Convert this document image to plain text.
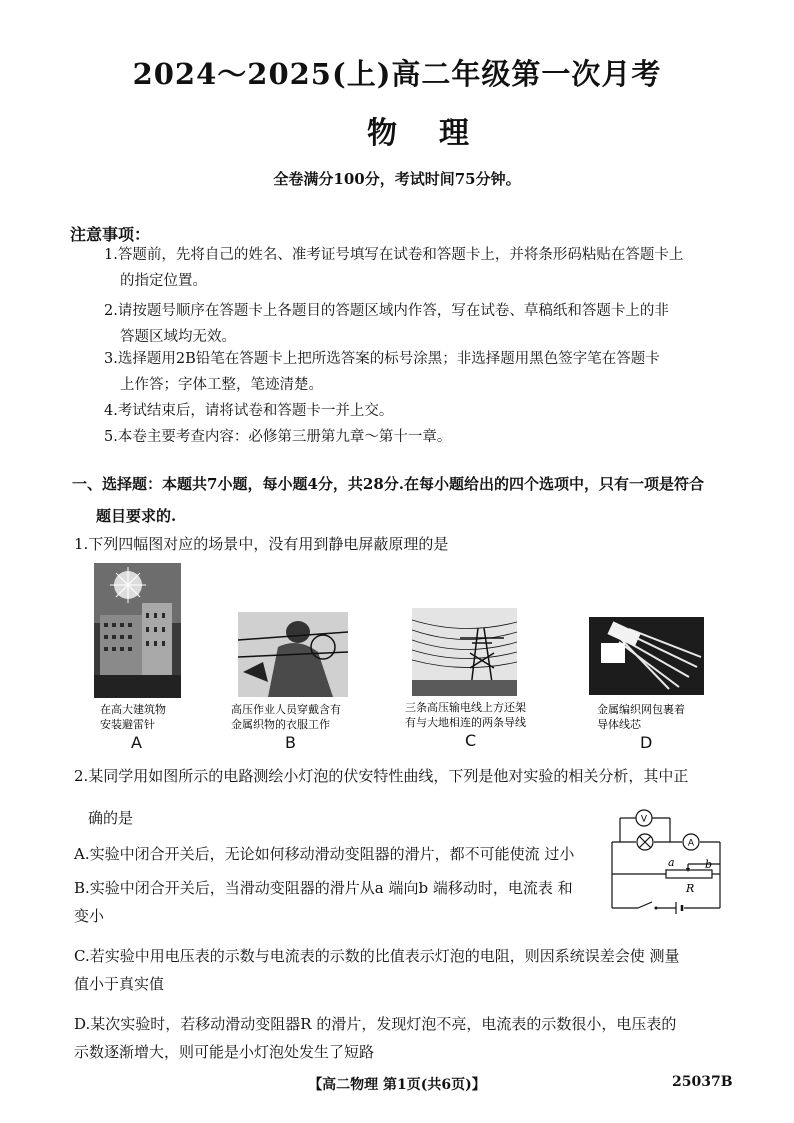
2024～2025(上)高二年级第一次月考
物理
全卷满分100分，考试时间75分钟。
注意事项：
1.答题前，先将自己的姓名、准考证号填写在试卷和答题卡上，并将条形码粘贴在答题卡上
的指定位置。
2.请按题号顺序在答题卡上各题目的答题区域内作答，写在试卷、草稿纸和答题卡上的非
答题区域均无效。
3.选择题用2B铅笔在答题卡上把所选答案的标号涂黑；非选择题用黑色签字笔在答题卡
上作答；字体工整，笔迹清楚。
4.考试结束后，请将试卷和答题卡一并上交。
5.本卷主要考查内容：必修第三册第九章～第十一章。
一、选择题：本题共7小题，每小题4分，共28分.在每小题给出的四个选项中，只有一项是符合
题目要求的.
1.下列四幅图对应的场景中，没有用到静电屏蔽原理的是
在高大建筑物
安装避雷针
A
高压作业人员穿戴含有
金属织物的衣服工作
B
三条高压输电线上方还架
有与大地相连的两条导线
C
金属编织网包裹着
导体线芯
D
2.某同学用如图所示的电路测绘小灯泡的伏安特性曲线，下列是他对实验的相关分析，其中正
确的是
A.实验中闭合开关后，无论如何移动滑动变阻器的滑片，都不可能使流 过小
B.实验中闭合开关后，当滑动变阻器的滑片从a 端向b 端移动时，电流表 和
变小
C.若实验中用电压表的示数与电流表的示数的比值表示灯泡的电阻，则因系统误差会使 测量
值小于真实值
D.某次实验时，若移动滑动变阻器R 的滑片，发现灯泡不亮，电流表的示数很小，电压表的
示数逐渐增大，则可能是小灯泡处发生了短路
V
A
a	b
R
【高二物理 第1页(共6页)】	25037B
